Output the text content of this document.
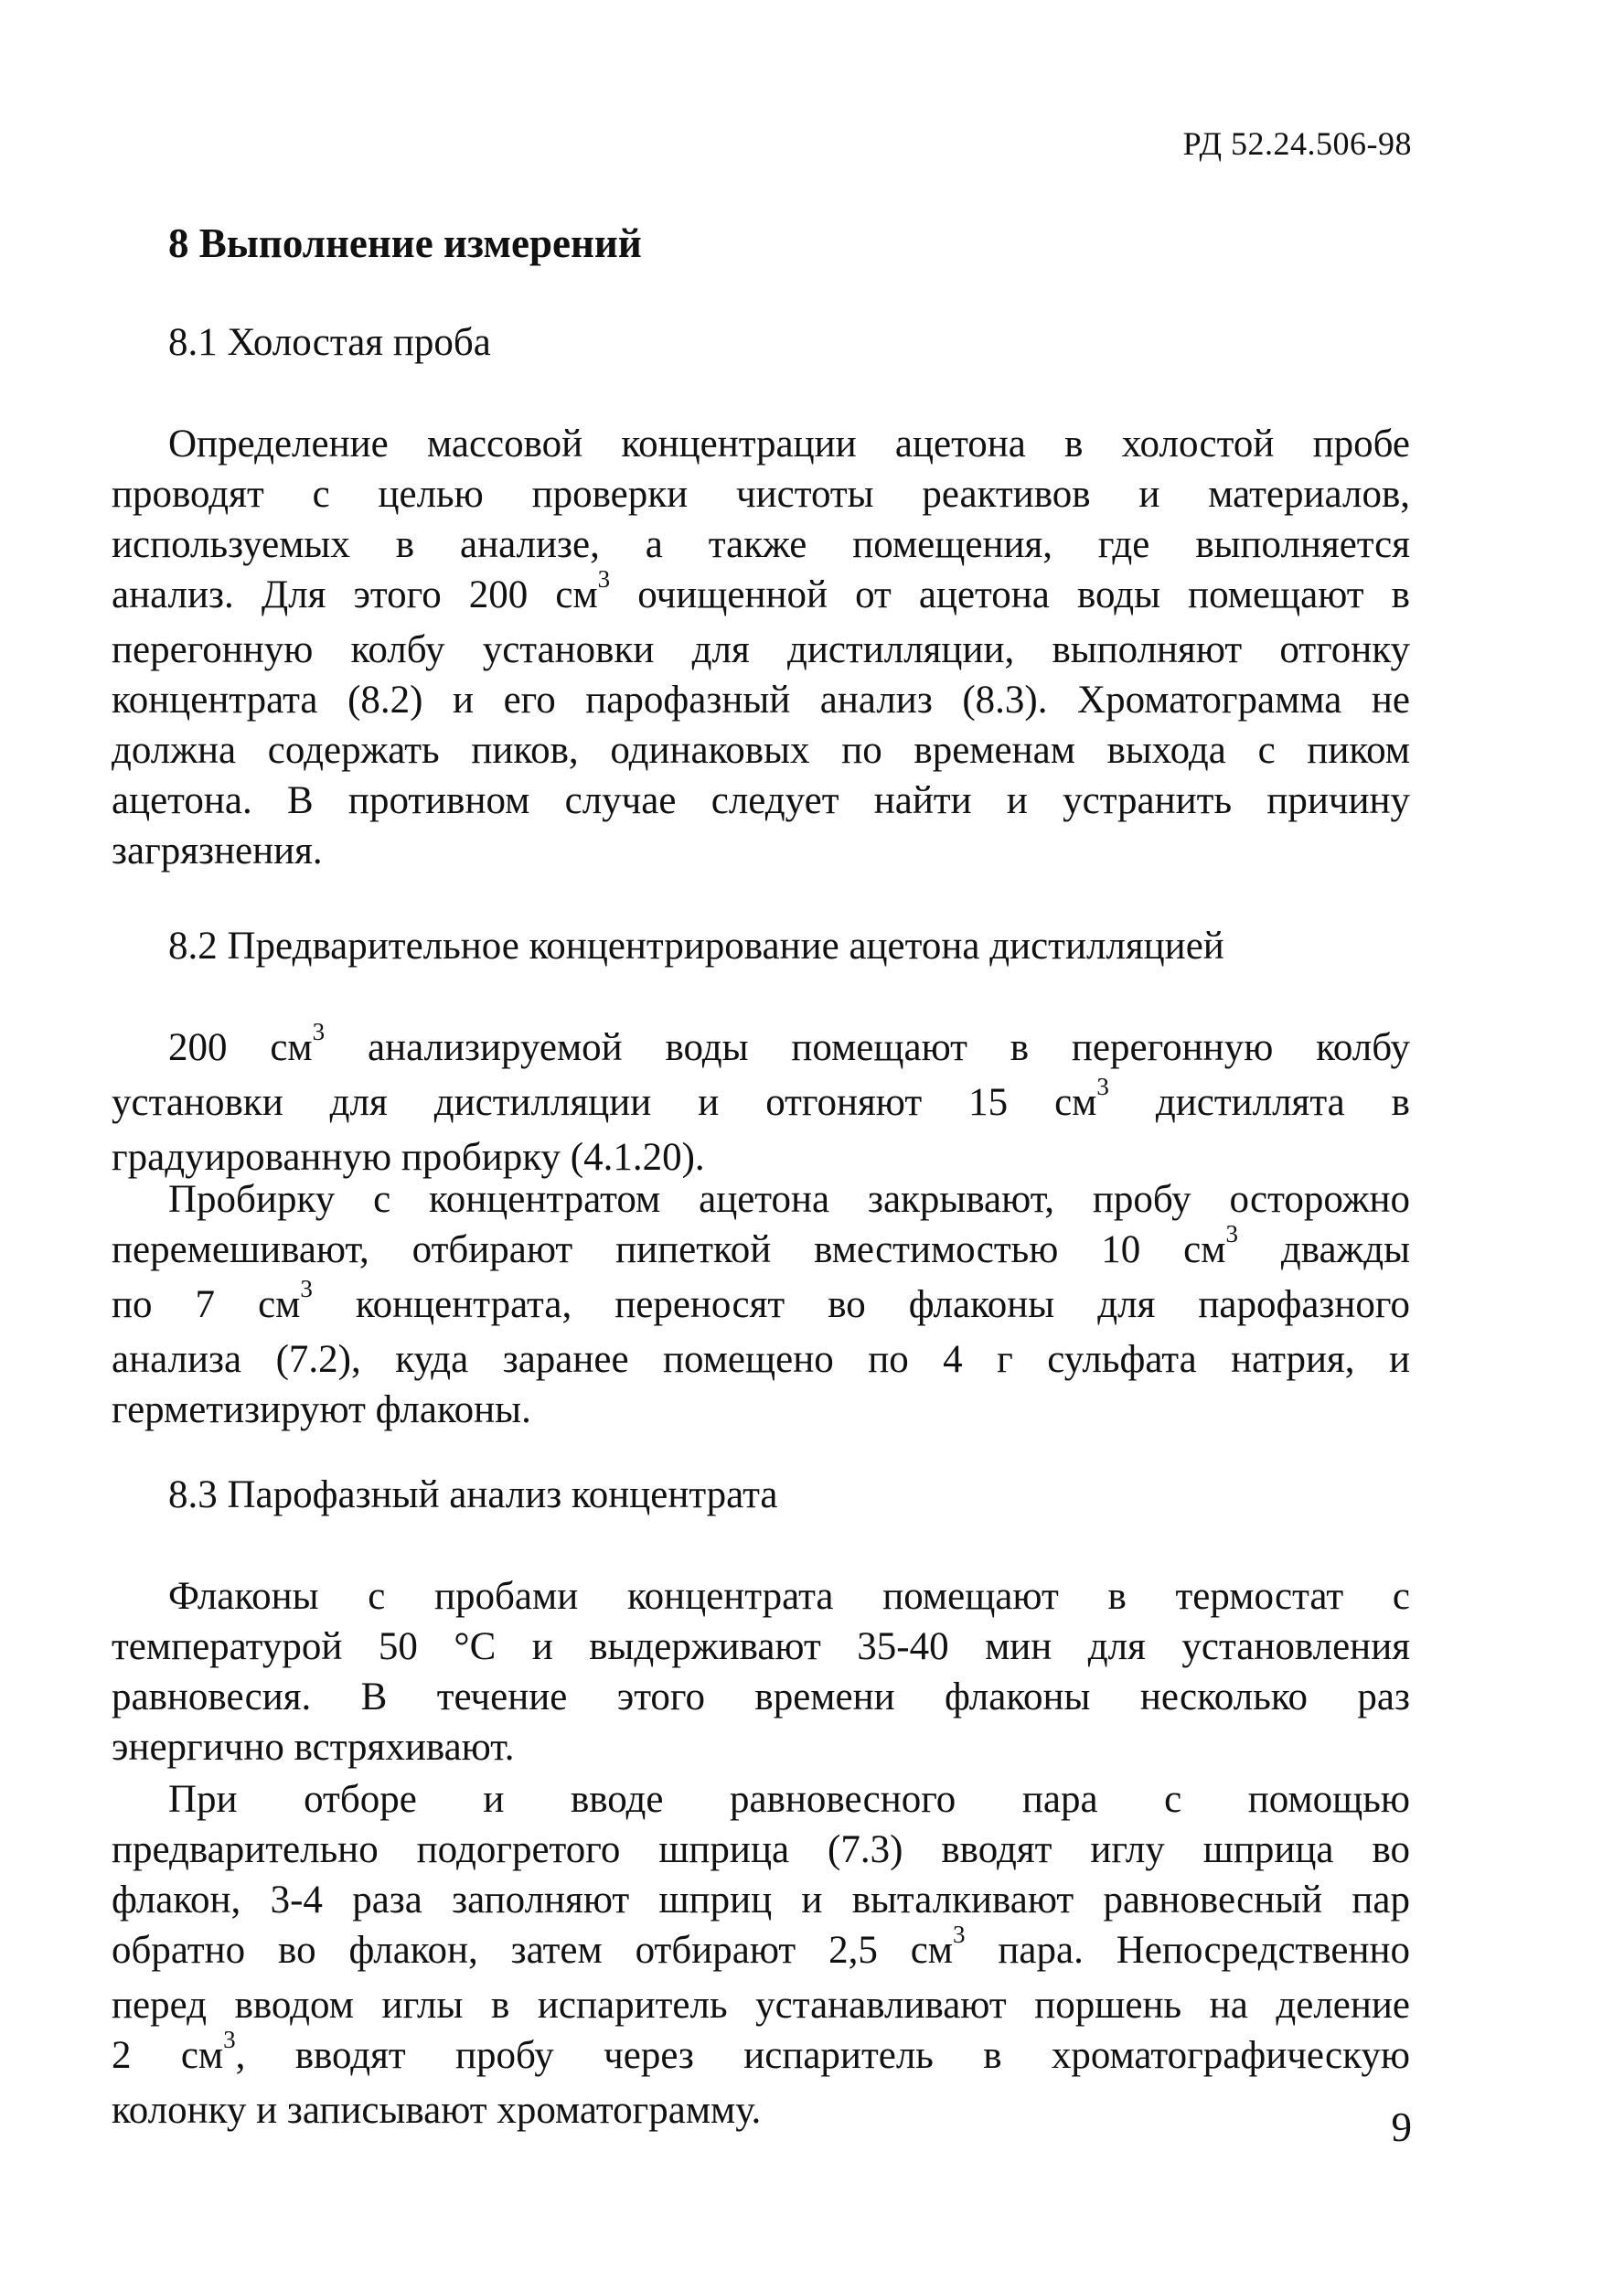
РД 52.24.506-98
8 Выполнение измерений
8.1 Холостая проба
Определение массовой концентрации ацетона в холостой пробе
проводят с целью проверки чистоты реактивов и материалов,
используемых в анализе, а также помещения, где выполняется
анализ. Для этого 200 $см^3$ очищенной от ацетона воды помещают в
перегонную колбу установки для дистилляции, выполняют отгонку
концентрата (8.2) и его парофазный анализ (8.3). Хроматограмма не
должна содержать пиков, одинаковых по временам выхода с пиком
ацетона. В противном случае следует найти и устранить причину
загрязнения.
8.2 Предварительное концентрирование ацетона дистилляцией
200 $см^3$ анализируемой воды помещают в перегонную колбу
установки для дистилляции и отгоняют 15 $см^3$ дистиллята в
градуированную пробирку (4.1.20).
Пробирку с концентратом ацетона закрывают, пробу осторожно
перемешивают, отбирают пипеткой вместимостью 10 $см^3$ дважды
по 7 $см^3$ концентрата, переносят во флаконы для парофазного
анализа (7.2), куда заранее помещено по 4 г сульфата натрия, и
герметизируют флаконы.
8.3 Парофазный анализ концентрата
Флаконы с пробами концентрата помещают в термостат с
температурой 50 °С и выдерживают 35-40 мин для установления
равновесия. В течение этого времени флаконы несколько раз
энергично встряхивают.
При отборе и вводе равновесного пара с помощью
предварительно подогретого шприца (7.3) вводят иглу шприца во
флакон, 3-4 раза заполняют шприц и выталкивают равновесный пар
обратно во флакон, затем отбирают 2,5 $см^3$ пара. Непосредственно
перед вводом иглы в испаритель устанавливают поршень на деление
2 $см^3$, вводят пробу через испаритель в хроматографическую
колонку и записывают хроматограмму.	9
